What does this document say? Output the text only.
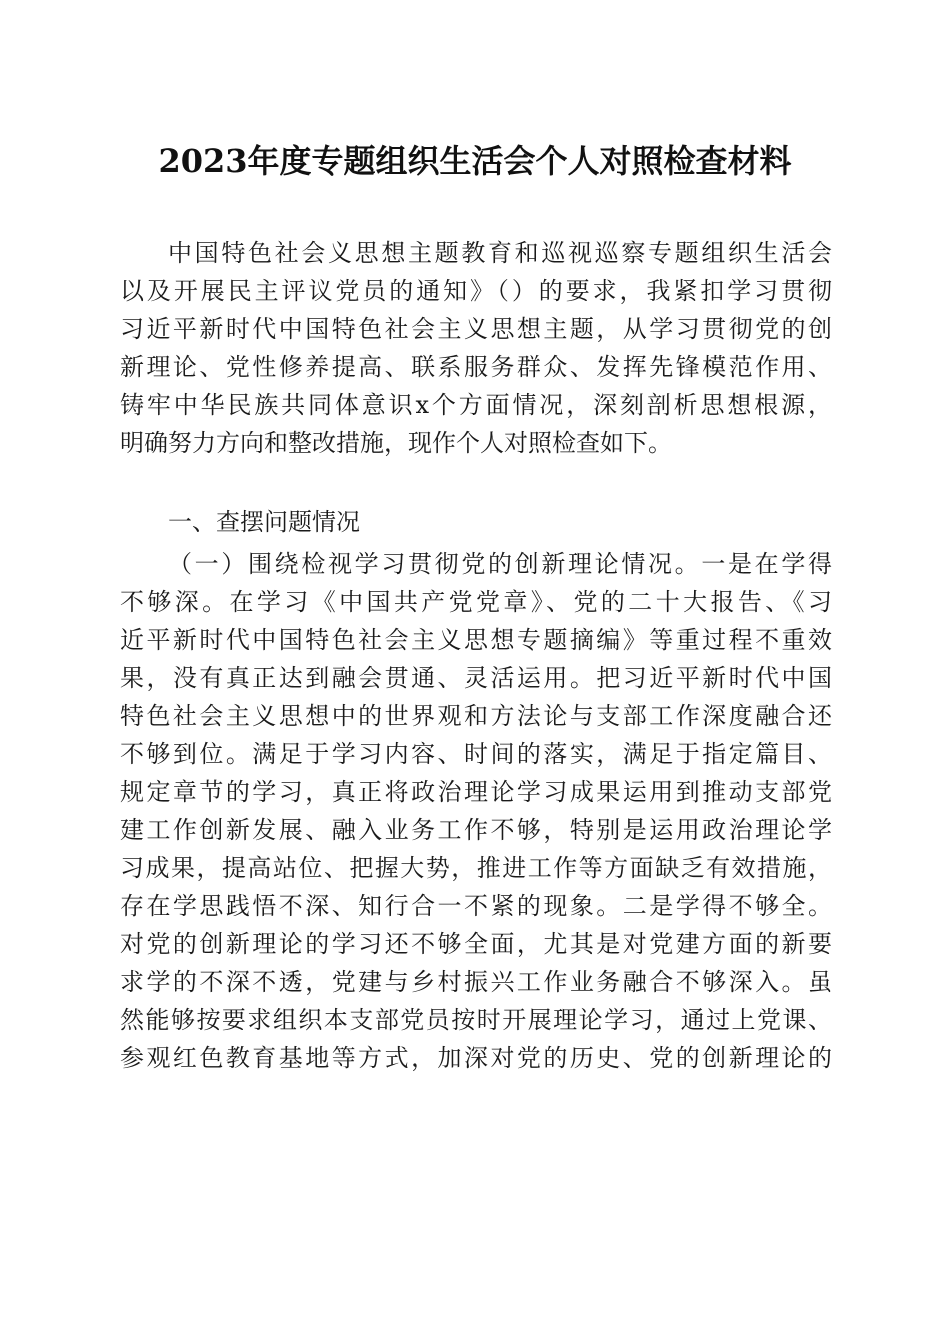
2023年度专题组织生活会个人对照检查材料
中国特色社会义思想主题教育和巡视巡察专题组织生活会
以及开展民主评议党员的通知》（）的要求，我紧扣学习贯彻
习近平新时代中国特色社会主义思想主题，从学习贯彻党的创
新理论、党性修养提高、联系服务群众、发挥先锋模范作用、
铸牢中华民族共同体意识x个方面情况，深刻剖析思想根源，
明确努力方向和整改措施，现作个人对照检查如下。
一、查摆问题情况
（一）围绕检视学习贯彻党的创新理论情况。一是在学得
不够深。在学习《中国共产党党章》、党的二十大报告、《习
近平新时代中国特色社会主义思想专题摘编》等重过程不重效
果，没有真正达到融会贯通、灵活运用。把习近平新时代中国
特色社会主义思想中的世界观和方法论与支部工作深度融合还
不够到位。满足于学习内容、时间的落实，满足于指定篇目、
规定章节的学习，真正将政治理论学习成果运用到推动支部党
建工作创新发展、融入业务工作不够，特别是运用政治理论学
习成果，提高站位、把握大势，推进工作等方面缺乏有效措施，
存在学思践悟不深、知行合一不紧的现象。二是学得不够全。
对党的创新理论的学习还不够全面，尤其是对党建方面的新要
求学的不深不透，党建与乡村振兴工作业务融合不够深入。虽
然能够按要求组织本支部党员按时开展理论学习，通过上党课、
参观红色教育基地等方式，加深对党的历史、党的创新理论的
